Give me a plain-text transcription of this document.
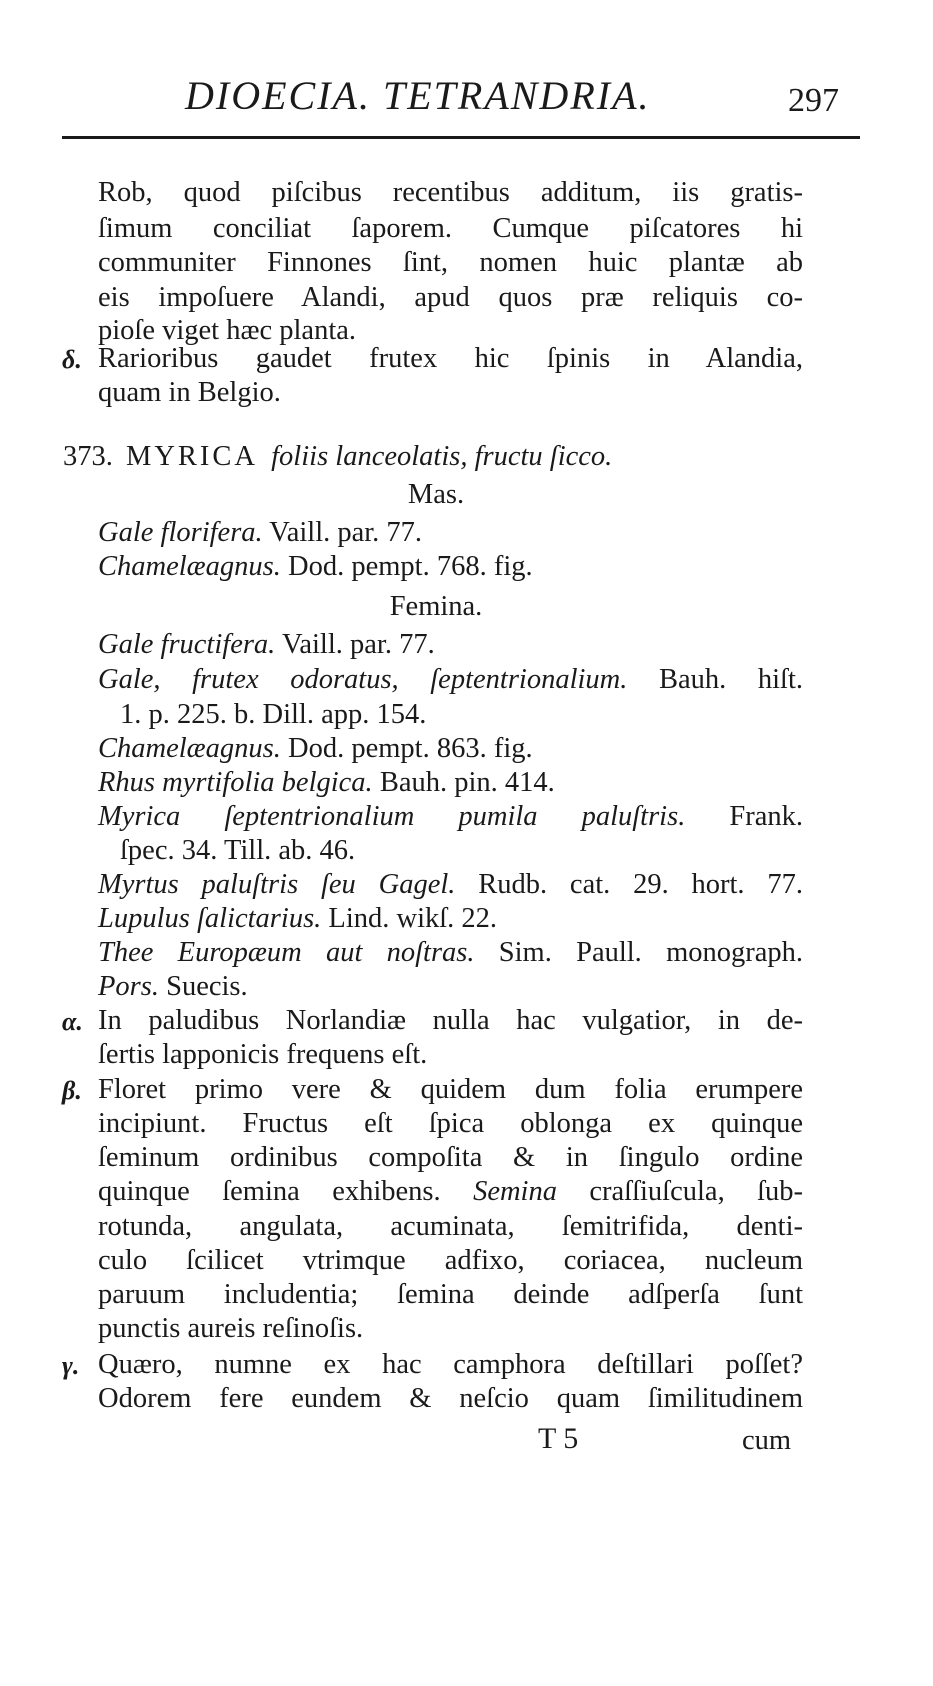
DIOECIA. TETRANDRIA.	297
Rob, quod piſcibus recentibus additum, iis gratis-
ſimum conciliat ſaporem. Cumque piſcatores hi
communiter Finnones ſint, nomen huic plantæ ab
eis impoſuere Alandi, apud quos præ reliquis co-
pioſe viget hæc planta.
δ. Rarioribus gaudet frutex hic ſpinis in Alandia,
quam in Belgio.
373. MYRICA foliis lanceolatis, fructu ſicco.
Mas.
Gale florifera. Vaill. par. 77.
Chamelæagnus. Dod. pempt. 768. fig.
Femina.
Gale fructifera. Vaill. par. 77.
Gale, frutex odoratus, ſeptentrionalium. Bauh. hiſt.
1. p. 225. b. Dill. app. 154.
Chamelæagnus. Dod. pempt. 863. fig.
Rhus myrtifolia belgica. Bauh. pin. 414.
Myrica ſeptentrionalium pumila paluſtris. Frank.
ſpec. 34. Till. ab. 46.
Myrtus paluſtris ſeu Gagel. Rudb. cat. 29. hort. 77.
Lupulus ſalictarius. Lind. wikſ. 22.
Thee Europæum aut noſtras. Sim. Paull. monograph.
Pors. Suecis.
α. In paludibus Norlandiæ nulla hac vulgatior, in de-
ſertis lapponicis frequens eſt.
β. Floret primo vere & quidem dum folia erumpere
incipiunt. Fructus eſt ſpica oblonga ex quinque
ſeminum ordinibus compoſita & in ſingulo ordine
quinque ſemina exhibens. Semina craſſiuſcula, ſub-
rotunda, angulata, acuminata, ſemitrifida, denti-
culo ſcilicet vtrimque adfixo, coriacea, nucleum
paruum includentia; ſemina deinde adſperſa ſunt
punctis aureis reſinoſis.
γ. Quæro, numne ex hac camphora deſtillari poſſet?
Odorem fere eundem & neſcio quam ſimilitudinem
T 5	cum
